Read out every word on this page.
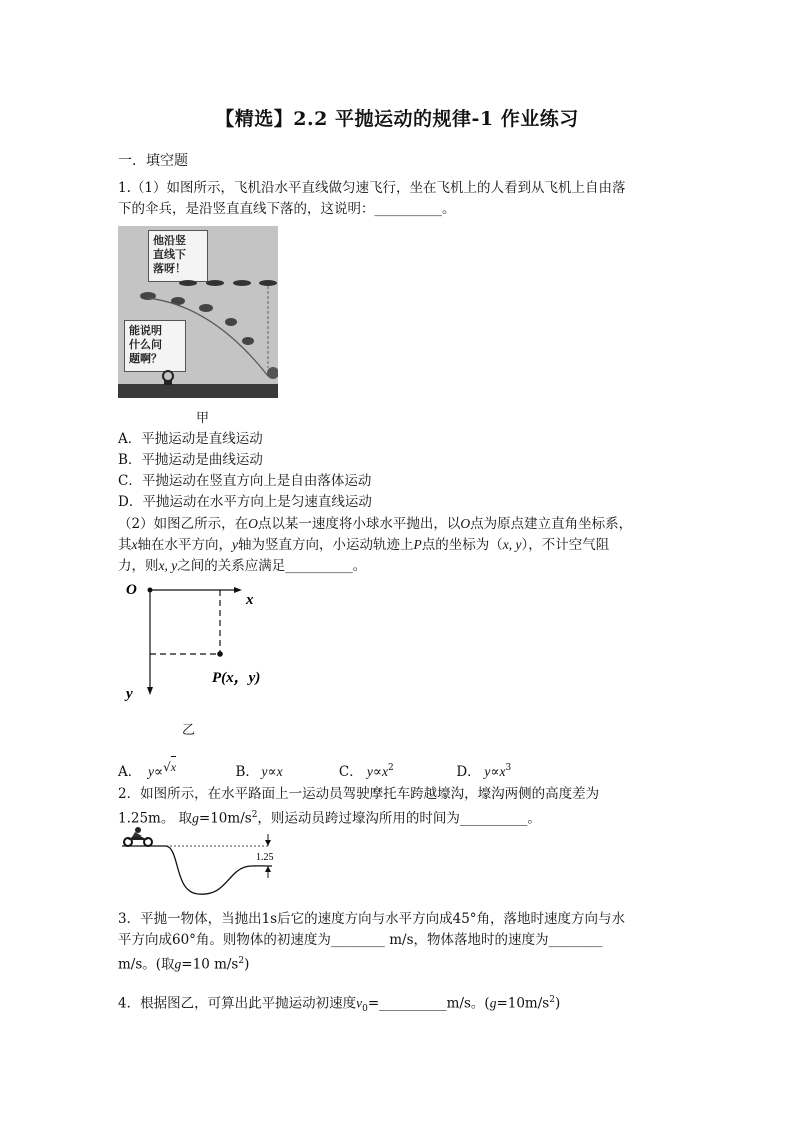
【精选】2.2 平抛运动的规律-1 作业练习
一．填空题
1.（1）如图所示，飞机沿水平直线做匀速飞行，坐在飞机上的人看到从飞机上自由落
下的伞兵，是沿竖直直线下落的，这说明：__________。
他沿竖
直线下
落呀！
能说明
什么问
题啊？
甲
A．平抛运动是直线运动
B．平抛运动是曲线运动
C．平抛运动在竖直方向上是自由落体运动
D．平抛运动在水平方向上是匀速直线运动
（2）如图乙所示，在O点以某一速度将小球水平抛出，以O点为原点建立直角坐标系，
其x轴在水平方向，y轴为竖直方向，小运动轨迹上P点的坐标为（x, y），不计空气阻
力，则x, y之间的关系应满足__________。
O
x
y
P(x，y)
乙
A． y∝√x	B． y∝x	C． $y\propto x^2$	D． $y\propto x^3$
2．如图所示，在水平路面上一运动员驾驶摩托车跨越壕沟，壕沟两侧的高度差为
1.25m。 取$g=10m/s^2$，则运动员跨过壕沟所用的时间为__________。
1.25
3．平抛一物体，当抛出1s后它的速度方向与水平方向成45°角，落地时速度方向与水
平方向成60°角。则物体的初速度为________ m/s，物体落地时的速度为________
m/s。(取g=10 $m/s^2$)
4．根据图乙，可算出此平抛运动初速度$v_0=\_\_\_\_\_\_\_\_\_\_m/s$。$(g=10m/s^2)$
